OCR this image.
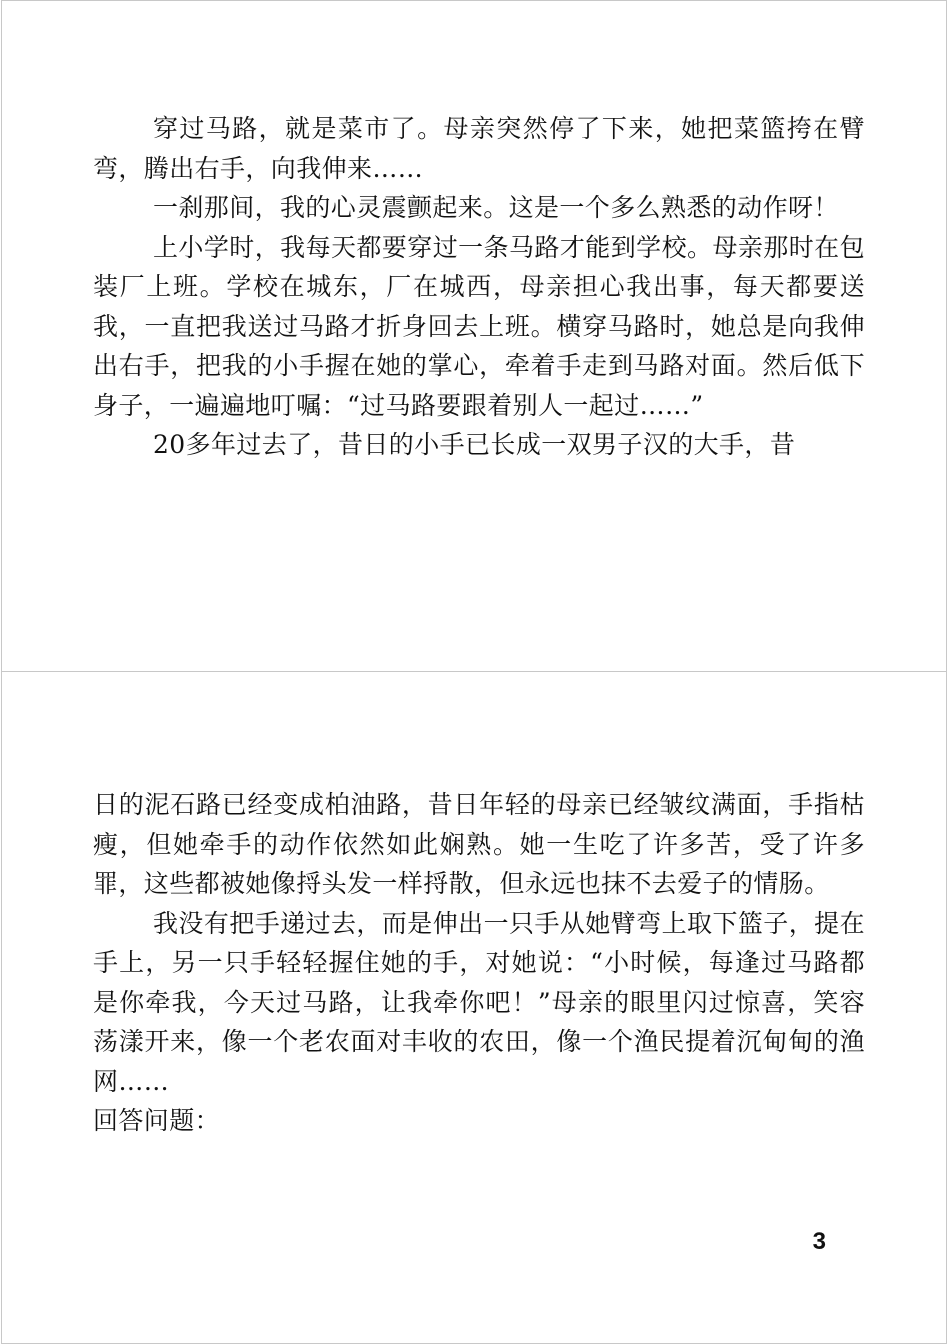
穿过马路，就是菜市了。母亲突然停了下来，她把菜篮挎在臂弯，腾出右手，向我伸来……

一刹那间，我的心灵震颤起来。这是一个多么熟悉的动作呀！

上小学时，我每天都要穿过一条马路才能到学校。母亲那时在包装厂上班。学校在城东，厂在城西，母亲担心我出事，每天都要送我，一直把我送过马路才折身回去上班。横穿马路时，她总是向我伸出右手，把我的小手握在她的掌心，牵着手走到马路对面。然后低下身子，一遍遍地叮嘱：“过马路要跟着别人一起过……”

20多年过去了，昔日的小手已长成一双男子汉的大手，昔

日的泥石路已经变成柏油路，昔日年轻的母亲已经皱纹满面，手指枯瘦，但她牵手的动作依然如此娴熟。她一生吃了许多苦，受了许多罪，这些都被她像捋头发一样捋散，但永远也抹不去爱子的情肠。

我没有把手递过去，而是伸出一只手从她臂弯上取下篮子，提在手上，另一只手轻轻握住她的手，对她说：“小时候，每逢过马路都是你牵我，今天过马路，让我牵你吧！”母亲的眼里闪过惊喜，笑容荡漾开来，像一个老农面对丰收的农田，像一个渔民提着沉甸甸的渔网……

回答问题：

3
